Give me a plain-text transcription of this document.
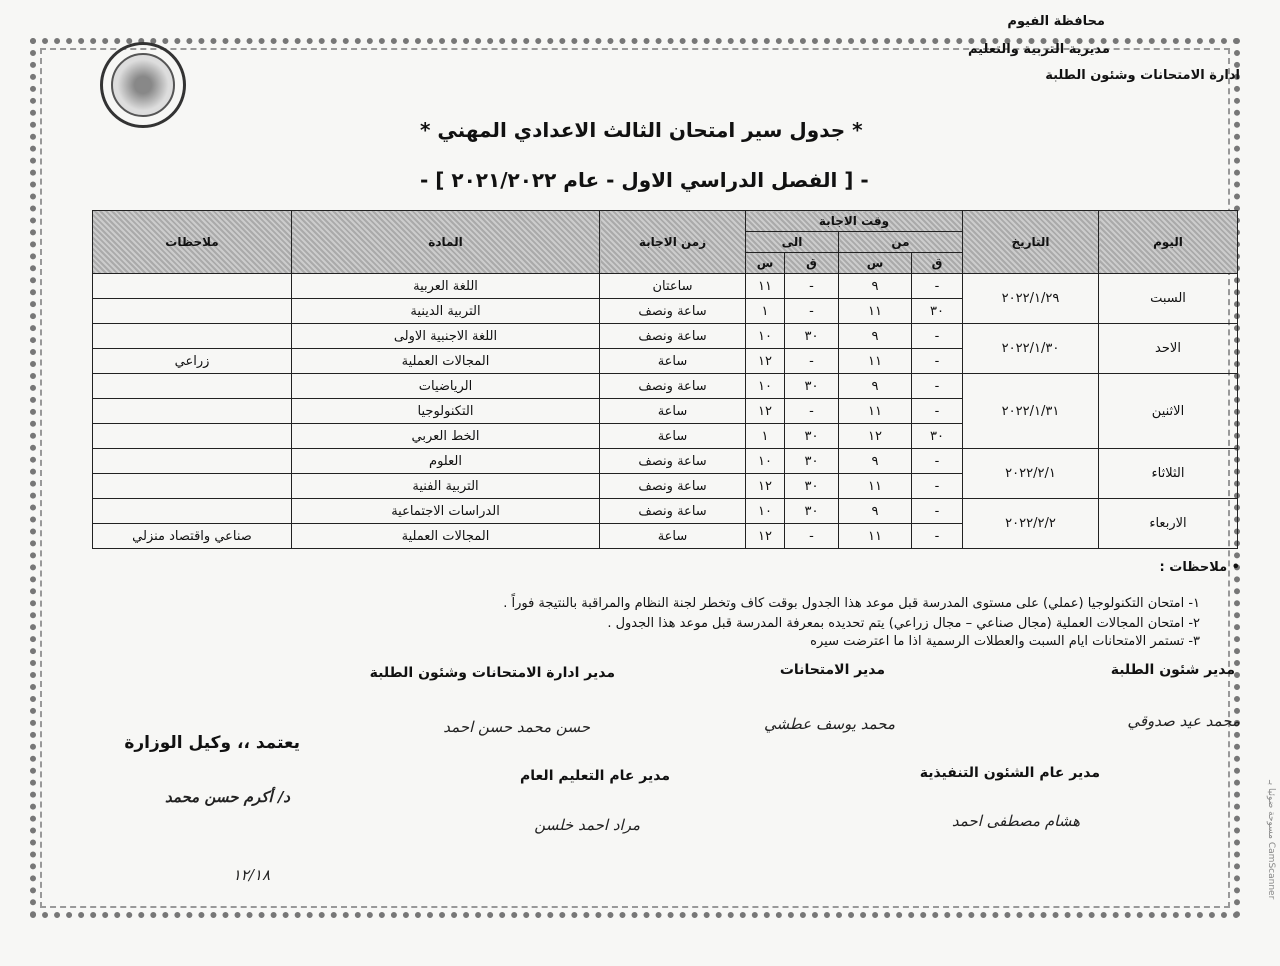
محافظة الفيوم
مديرية التربية والتعليم
ادارة الامتحانات وشئون الطلبة
* جدول سير امتحان الثالث الاعدادي المهني *
- [ الفصل الدراسي الاول - عام ٢٠٢١/٢٠٢٢ ] -
اليوم	التاريخ	وقت الاجابة				زمن الاجابة	المادة	ملاحظات
		من		الى				
		ق	س	ق	س			
السبت	٢٠٢٢/١/٢٩	-	٩	-	١١	ساعتان	اللغة العربية	
		٣٠	١١	-	١	ساعة ونصف	التربية الدينية	
الاحد	٢٠٢٢/١/٣٠	-	٩	٣٠	١٠	ساعة ونصف	اللغة الاجنبية الاولى	
		-	١١	-	١٢	ساعة	المجالات العملية	زراعي
الاثنين	٢٠٢٢/١/٣١	-	٩	٣٠	١٠	ساعة ونصف	الرياضيات	
		-	١١	-	١٢	ساعة	التكنولوجيا	
		٣٠	١٢	٣٠	١	ساعة	الخط العربي	
الثلاثاء	٢٠٢٢/٢/١	-	٩	٣٠	١٠	ساعة ونصف	العلوم	
		-	١١	٣٠	١٢	ساعة ونصف	التربية الفنية	
الاربعاء	٢٠٢٢/٢/٢	-	٩	٣٠	١٠	ساعة ونصف	الدراسات الاجتماعية	
		-	١١	-	١٢	ساعة	المجالات العملية	صناعي واقتصاد منزلي
• ملاحظات :
١- امتحان التكنولوجيا (عملي) على مستوى المدرسة قبل موعد هذا الجدول بوقت كاف وتخطر لجنة النظام والمراقبة بالنتيجة فوراً .
٢- امتحان المجالات العملية (مجال صناعي – مجال زراعي) يتم تحديده بمعرفة المدرسة قبل موعد هذا الجدول .
٣- تستمر الامتحانات ايام السبت والعطلات الرسمية اذا ما اعترضت سيره
مدير شئون الطلبة
محمد عيد صدوقي
مدير الامتحانات
محمد يوسف عطشي
مدير ادارة الامتحانات وشئون الطلبة
حسن محمد حسن احمد
مدير عام الشئون التنفيذية
هشام مصطفى احمد
مدير عام التعليم العام
مراد احمد خلسن
يعتمد ،، وكيل الوزارة
د/ أكرم حسن محمد
١٢/١٨
CamScanner مسوحة ضوئيا بـ
